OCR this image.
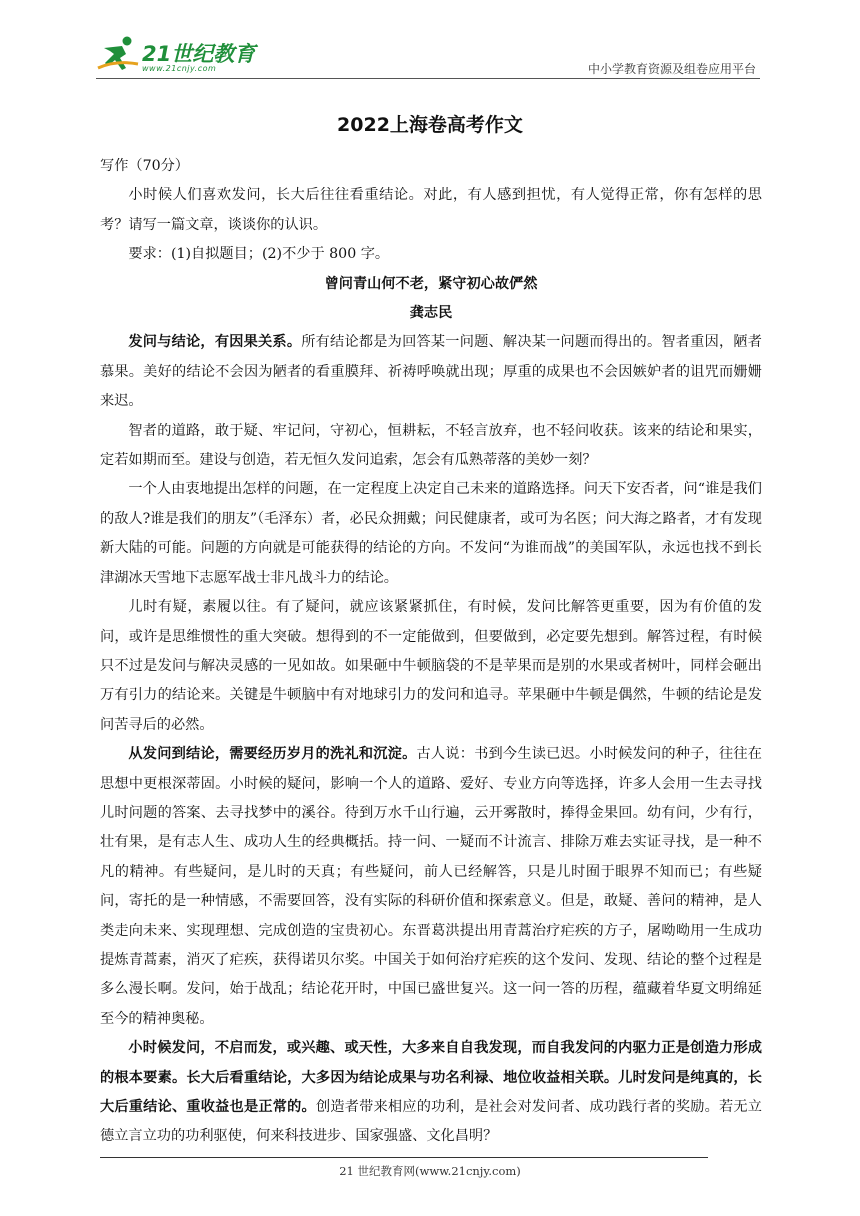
21世纪教育
www.21cnjy.com	中小学教育资源及组卷应用平台
2022上海卷高考作文

写作（70分）

小时候人们喜欢发问，长大后往往看重结论。对此，有人感到担忧，有人觉得正常，你有怎样的思考？请写一篇文章，谈谈你的认识。

要求：(1)自拟题目；(2)不少于 800 字。

曾问青山何不老，紧守初心故俨然

龚志民

发问与结论，有因果关系。所有结论都是为回答某一问题、解决某一问题而得出的。智者重因，陋者慕果。美好的结论不会因为陋者的看重膜拜、祈祷呼唤就出现；厚重的成果也不会因嫉妒者的诅咒而姗姗来迟。

智者的道路，敢于疑、牢记问，守初心，恒耕耘，不轻言放弃，也不轻问收获。该来的结论和果实，定若如期而至。建设与创造，若无恒久发问追索，怎会有瓜熟蒂落的美妙一刻？

一个人由衷地提出怎样的问题，在一定程度上决定自己未来的道路选择。问天下安否者，问“谁是我们的敌人?谁是我们的朋友”（毛泽东）者，必民众拥戴；问民健康者，或可为名医；问大海之路者，才有发现新大陆的可能。问题的方向就是可能获得的结论的方向。不发问“为谁而战”的美国军队，永远也找不到长津湖冰天雪地下志愿军战士非凡战斗力的结论。

儿时有疑，素履以往。有了疑问，就应该紧紧抓住，有时候，发问比解答更重要，因为有价值的发问，或许是思维惯性的重大突破。想得到的不一定能做到，但要做到，必定要先想到。解答过程，有时候只不过是发问与解决灵感的一见如故。如果砸中牛顿脑袋的不是苹果而是别的水果或者树叶，同样会砸出万有引力的结论来。关键是牛顿脑中有对地球引力的发问和追寻。苹果砸中牛顿是偶然，牛顿的结论是发问苦寻后的必然。

从发问到结论，需要经历岁月的洗礼和沉淀。古人说：书到今生读已迟。小时候发问的种子，往往在思想中更根深蒂固。小时候的疑问，影响一个人的道路、爱好、专业方向等选择，许多人会用一生去寻找儿时问题的答案、去寻找梦中的溪谷。待到万水千山行遍，云开雾散时，捧得金果回。幼有问，少有行，壮有果，是有志人生、成功人生的经典概括。持一问、一疑而不计流言、排除万难去实证寻找，是一种不凡的精神。有些疑问，是儿时的天真；有些疑问，前人已经解答，只是儿时囿于眼界不知而已；有些疑问，寄托的是一种情感，不需要回答，没有实际的科研价值和探索意义。但是，敢疑、善问的精神，是人类走向未来、实现理想、完成创造的宝贵初心。东晋葛洪提出用青蒿治疗疟疾的方子，屠呦呦用一生成功提炼青蒿素，消灭了疟疾，获得诺贝尔奖。中国关于如何治疗疟疾的这个发问、发现、结论的整个过程是多么漫长啊。发问，始于战乱；结论花开时，中国已盛世复兴。这一问一答的历程，蕴藏着华夏文明绵延至今的精神奥秘。

小时候发问，不启而发，或兴趣、或天性，大多来自自我发现，而自我发问的内驱力正是创造力形成的根本要素。长大后看重结论，大多因为结论成果与功名利禄、地位收益相关联。儿时发问是纯真的，长大后重结论、重收益也是正常的。创造者带来相应的功利，是社会对发问者、成功践行者的奖励。若无立德立言立功的功利驱使，何来科技进步、国家强盛、文化昌明？

21 世纪教育网(www.21cnjy.com)
